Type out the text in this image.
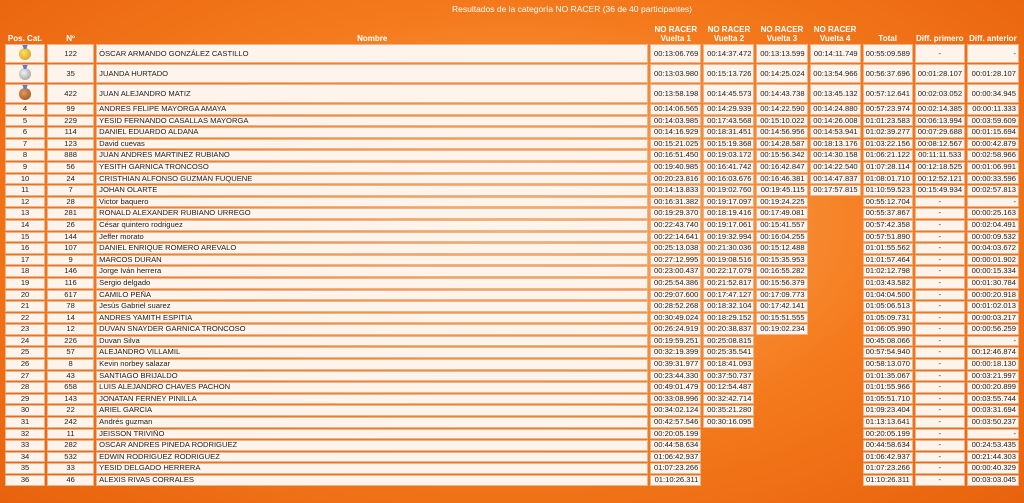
Resultados de la categoría NO RACER (36 de 40 participantes)
Pos. Cat.	Nº	Nombre	NO RACER Vuelta 1	NO RACER Vuelta 2	NO RACER Vuelta 3	NO RACER Vuelta 4	Total	Diff. primero	Diff. anterior
	122	ÓSCAR ARMANDO GONZÁLEZ CASTILLO	00:13:06.769	00:14:37.472	00:13:13.599	00:14:11.749	00:55:09.589	-	-
	35	JUANDA HURTADO	00:13:03.980	00:15:13.726	00:14:25.024	00:13:54.966	00:56:37.696	00:01:28.107	00:01:28.107
	422	JUAN ALEJANDRO MATIZ	00:13:58.198	00:14:45.573	00:14:43.738	00:13:45.132	00:57:12.641	00:02:03.052	00:00:34.945
4	99	ANDRES FELIPE MAYORGA AMAYA	00:14:06.565	00:14:29.939	00:14:22.590	00:14:24.880	00:57:23.974	00:02:14.385	00:00:11.333
5	229	YESID FERNANDO CASALLAS MAYORGA	00:14:03.985	00:17:43.568	00:15:10.022	00:14:26.008	01:01:23.583	00:06:13.994	00:03:59.609
6	114	DANIEL EDUARDO ALDANA	00:14:16.929	00:18:31.451	00:14:56.956	00:14:53.941	01:02:39.277	00:07:29.688	00:01:15.694
7	123	David cuevas	00:15:21.025	00:15:19.368	00:14:28.587	00:18:13.176	01:03:22.156	00:08:12.567	00:00:42.879
8	888	JUAN ANDRES MARTINEZ RUBIANO	00:16:51.450	00:19:03.172	00:15:56.342	00:14:30.158	01:06:21.122	00:11:11.533	00:02:58.966
9	56	YESITH GARNICA TRONCOSO	00:19:40.985	00:16:41.742	00:16:42.847	00:14:22.540	01:07:28.114	00:12:18.525	00:01:06.991
10	24	CRISTHIAN ALFONSO GUZMÁN FUQUENE	00:20:23.816	00:16:03.676	00:16:46.381	00:14:47.837	01:08:01.710	00:12:52.121	00:00:33.596
11	7	JOHAN OLARTE	00:14:13.833	00:19:02.760	00:19:45.115	00:17:57.815	01:10:59.523	00:15:49.934	00:02:57.813
12	28	Victor baquero	00:16:31.382	00:19:17.097	00:19:24.225		00:55:12.704	-	-
13	281	RONALD ALEXANDER RUBIANO URREGO	00:19:29.370	00:18:19.416	00:17:49.081		00:55:37.867	-	00:00:25.163
14	26	César quintero rodriguez	00:22:43.740	00:19:17.061	00:15:41.557		00:57:42.358	-	00:02:04.491
15	144	Jeffer morato	00:22:14.641	00:19:32.994	00:16:04.255		00:57:51.890	-	00:00:09.532
16	107	DANIEL ENRIQUE ROMERO AREVALO	00:25:13.038	00:21:30.036	00:15:12.488		01:01:55.562	-	00:04:03.672
17	9	MARCOS DURAN	00:27:12.995	00:19:08.516	00:15:35.953		01:01:57.464	-	00:00:01.902
18	146	Jorge Iván herrera	00:23:00.437	00:22:17.079	00:16:55.282		01:02:12.798	-	00:00:15.334
19	116	Sergio delgado	00:25:54.386	00:21:52.817	00:15:56.379		01:03:43.582	-	00:01:30.784
20	617	CAMILO PEÑA	00:29:07.600	00:17:47.127	00:17:09.773		01:04:04.500	-	00:00:20.918
21	78	Jesús Gabriel suarez	00:28:52.268	00:18:32.104	00:17:42.141		01:05:06.513	-	00:01:02.013
22	14	ANDRES YAMITH ESPITIA	00:30:49.024	00:18:29.152	00:15:51.555		01:05:09.731	-	00:00:03.217
23	12	DUVAN SNAYDER GARNICA TRONCOSO	00:26:24.919	00:20:38.837	00:19:02.234		01:06:05.990	-	00:00:56.259
24	226	Duvan Silva	00:19:59.251	00:25:08.815			00:45:08.066	-	-
25	57	ALEJANDRO VILLAMIL	00:32:19.399	00:25:35.541			00:57:54.940	-	00:12:46.874
26	8	Kevin norbey salazar	00:39:31.977	00:18:41.093			00:58:13.070	-	00:00:18.130
27	43	SANTIAGO BRIJALDO	00:23:44.330	00:37:50.737			01:01:35.067	-	00:03:21.997
28	658	LUIS ALEJANDRO CHAVES PACHON	00:49:01.479	00:12:54.487			01:01:55.966	-	00:00:20.899
29	143	JONATAN FERNEY PINILLA	00:33:08.996	00:32:42.714			01:05:51.710	-	00:03:55.744
30	22	ARIEL GARCIA	00:34:02.124	00:35:21.280			01:09:23.404	-	00:03:31.694
31	242	Andrés guzman	00:42:57.546	00:30:16.095			01:13:13.641	-	00:03:50.237
32	11	JEISSON TRIVIÑO	00:20:05.199				00:20:05.199	-	-
33	282	OSCAR ANDRES PINEDA RODRIGUEZ	00:44:58.634				00:44:58.634	-	00:24:53.435
34	532	EDWIN RODRÍGUEZ RODRIGUEZ	01:06:42.937				01:06:42.937	-	00:21:44.303
35	33	YESID DELGADO HERRERA	01:07:23.266				01:07:23.266	-	00:00:40.329
36	46	ALEXIS RIVAS CORRALES	01:10:26.311				01:10:26.311	-	00:03:03.045
